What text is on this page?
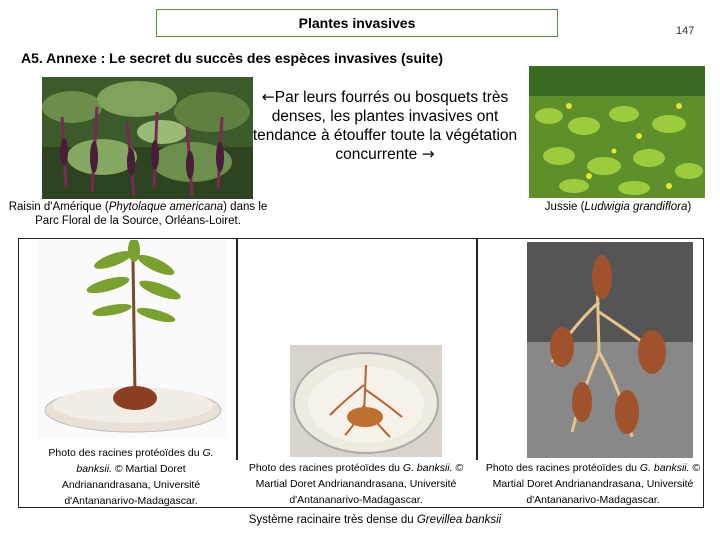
Plantes invasives	147
A5. Annexe : Le secret du succès des espèces invasives (suite)
←Par leurs fourrés ou bosquets très denses, les plantes invasives ont tendance à étouffer toute la végétation concurrente →
Raisin d'Amérique (Phytolaque americana) dans le Parc Floral de la Source, Orléans-Loiret.
Jussie (Ludwigia grandiflora)
Photo des racines protéoïdes du G. banksii. © Martial Doret Andrianandrasana, Université d'Antananarivo-Madagascar.
Photo des racines protéoïdes du G. banksii. © Martial Doret Andrianandrasana, Université d'Antananarivo-Madagascar.
Photo des racines protéoïdes du G. banksii. © Martial Doret Andrianandrasana, Université d'Antananarivo-Madagascar.
Système racinaire très dense du Grevillea banksii
